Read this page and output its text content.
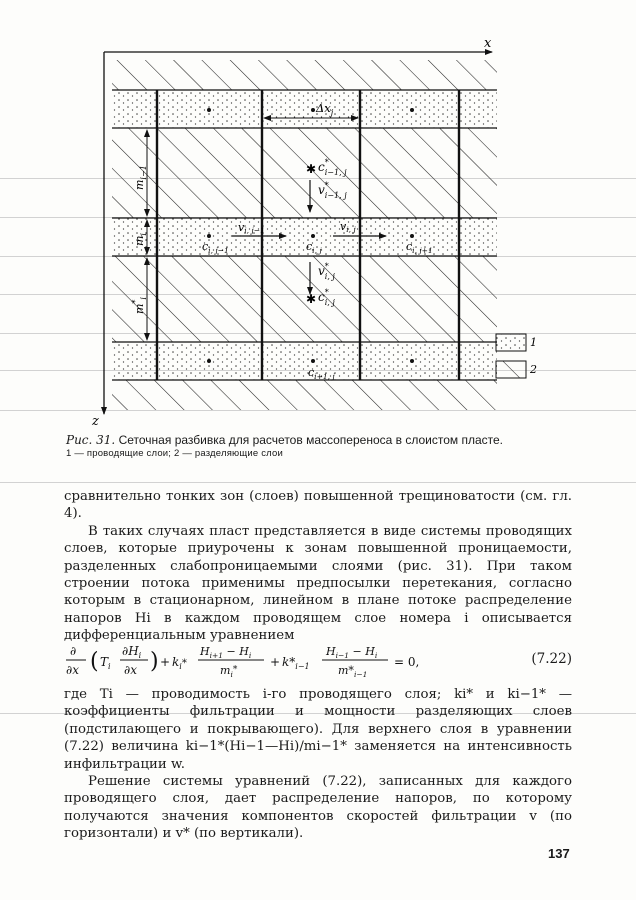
x
z
$\Delta x_j$
$m_{i-1}$
$m_i$
$m^*_i$
✱ c* i−1, j
v* i−1, j
vi, j−1	vi, j
$c_{i, j-1}$	$c_{i, j}$	$c_{i, j+1}$
v* i, j
✱ c* i, j
$c_{i+1, j}$
1
2
Рис. 31. Сеточная разбивка для расчетов массопереноса в слоистом пласте.
1 — проводящие слои; 2 — разделяющие слои

сравнительно тонких зон (слоев) повышенной трещиноватости (см. гл. 4).

В таких случаях пласт представляется в виде системы проводящих слоев, которые приурочены к зонам повышенной проницаемости, разделенных слабопроницаемыми слоями (рис. 31). При таком строении потока применимы предпосылки перетекания, согласно которым в стационарном, линейном в плане потоке распределение напоров Hi в каждом проводящем слое номера i описывается дифференциальным уравнением

∂
∂x ( $T_i$
$\partial H_i$
∂x ) + $k_i^*$
$H_{i+1} - H_i$
$m_i^*$
+ $k*_{i-1}$
$H_{i-1} - H_i$
$m*_{i-1}$
= 0,	(7.22)

где Ti — проводимость i-го проводящего слоя; ki* и ki−1* — коэффициенты фильтрации и мощности разделяющих слоев (подстилающего и покрывающего). Для верхнего слоя в уравнении (7.22) величина ki−1*(Hi−1—Hi)/mi−1* заменяется на интенсивность инфильтрации w.

Решение системы уравнений (7.22), записанных для каждого проводящего слоя, дает распределение напоров, по которому получаются значения компонентов скоростей фильтрации v (по горизонтали) и v* (по вертикали).

137
